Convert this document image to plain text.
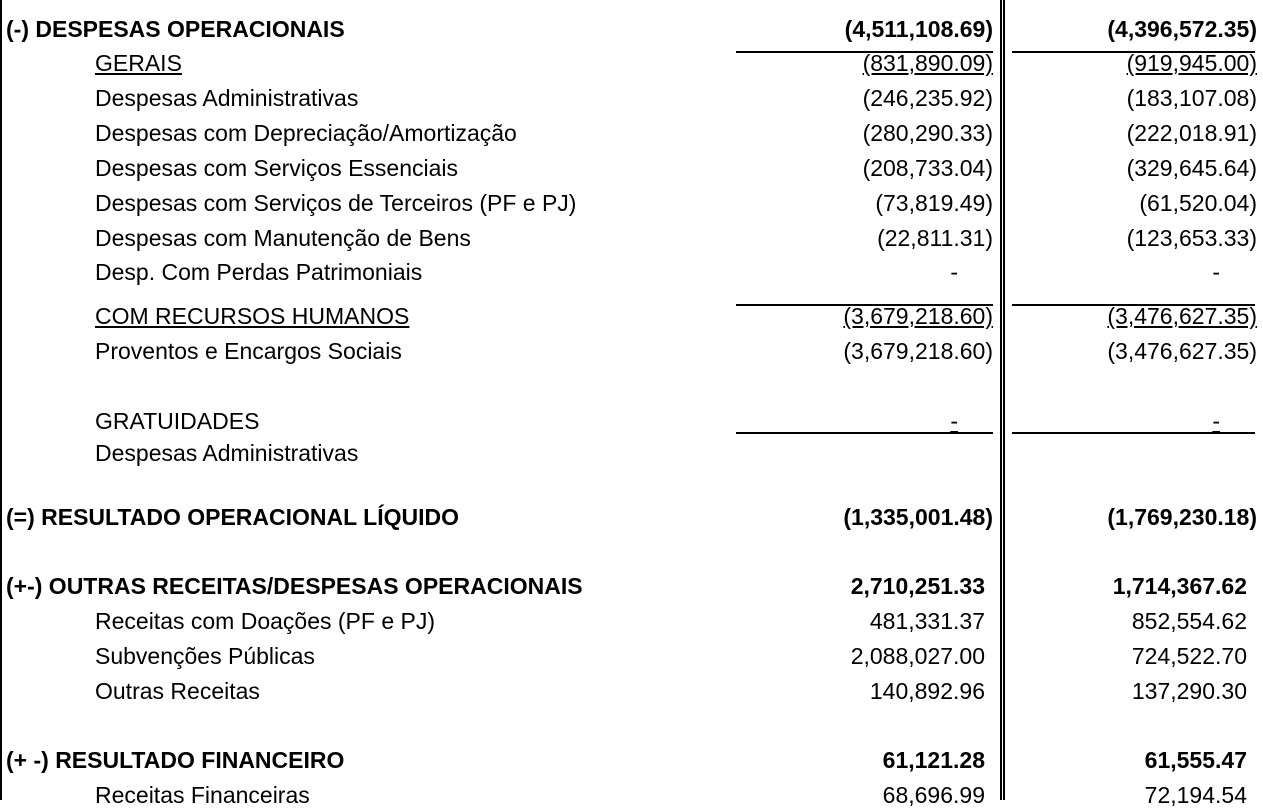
(-) DESPESAS OPERACIONAIS	(4,511,108.69)	(4,396,572.35)
GERAIS	(831,890.09)	(919,945.00)
Despesas Administrativas	(246,235.92)	(183,107.08)
Despesas com Depreciação/Amortização	(280,290.33)	(222,018.91)
Despesas com Serviços Essenciais	(208,733.04)	(329,645.64)
Despesas com Serviços de Terceiros (PF e PJ)	(73,819.49)	(61,520.04)
Despesas com Manutenção de Bens	(22,811.31)	(123,653.33)
Desp. Com Perdas Patrimoniais	-	-
COM RECURSOS HUMANOS	(3,679,218.60)	(3,476,627.35)
Proventos e Encargos Sociais	(3,679,218.60)	(3,476,627.35)
GRATUIDADES	-	-
Despesas Administrativas
(=) RESULTADO OPERACIONAL LÍQUIDO	(1,335,001.48)	(1,769,230.18)
(+-) OUTRAS RECEITAS/DESPESAS OPERACIONAIS	2,710,251.33	1,714,367.62
Receitas com Doações (PF e PJ)	481,331.37	852,554.62
Subvenções Públicas	2,088,027.00	724,522.70
Outras Receitas	140,892.96	137,290.30
(+ -) RESULTADO FINANCEIRO	61,121.28	61,555.47
Receitas Financeiras	68,696.99	72,194.54
